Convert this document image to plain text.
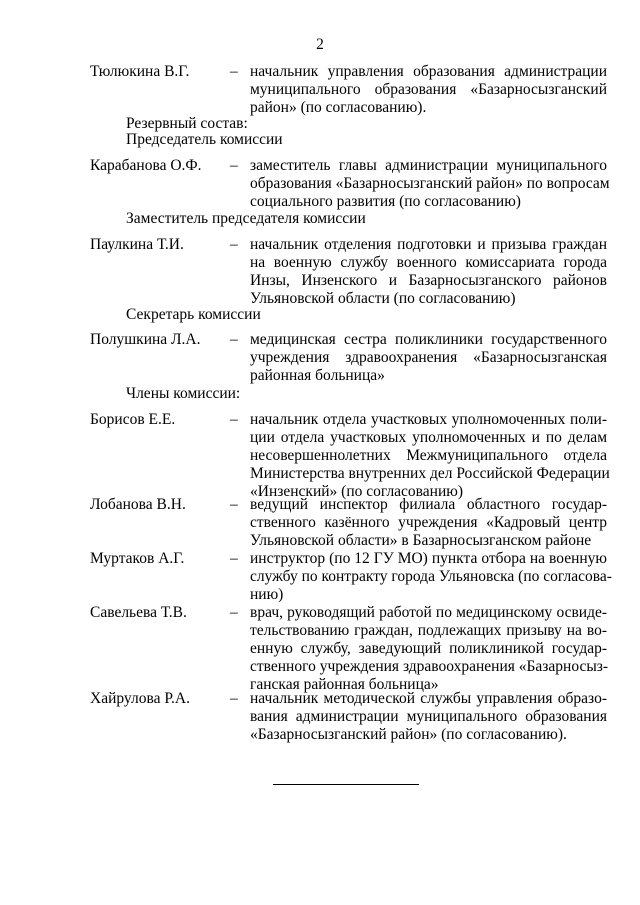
2
Тюлюкина В.Г.	– начальник управления образования администрации
муниципального образования «Базарносызганский
район» (по согласованию).
Резервный состав:
Председатель комиссии
Карабанова О.Ф. – заместитель главы администрации муниципального
образования «Базарносызганский район» по вопросам
социального развития (по согласованию)
Заместитель председателя комиссии
Паулкина Т.И.	– начальник отделения подготовки и призыва граждан
на военную службу военного комиссариата города
Инзы, Инзенского и Базарносызганского районов
Ульяновской области (по согласованию)
Секретарь комиссии
Полушкина Л.А. – медицинская сестра поликлиники государственного
учреждения здравоохранения «Базарносызганская
районная больница»
Члены комиссии:
Борисов Е.Е.	– начальник отдела участковых уполномоченных поли-
ции отдела участковых уполномоченных и по делам
несовершеннолетних Межмуниципального отдела
Министерства внутренних дел Российской Федерации
«Инзенский» (по согласованию)
Лобанова В.Н.	– ведущий инспектор филиала областного государ-
ственного казённого учреждения «Кадровый центр
Ульяновской области» в Базарносызганском районе
Муртаков А.Г.	– инструктор (по 12 ГУ МО) пункта отбора на военную
службу по контракту города Ульяновска (по согласова-
нию)
Савельева Т.В.	– врач, руководящий работой по медицинскому освиде-
тельствованию граждан, подлежащих призыву на во-
енную службу, заведующий поликлиникой государ-
ственного учреждения здравоохранения «Базарносыз-
ганская районная больница»
Хайрулова Р.А.	– начальник методической службы управления образо-
вания администрации муниципального образования
«Базарносызганский район» (по согласованию).
